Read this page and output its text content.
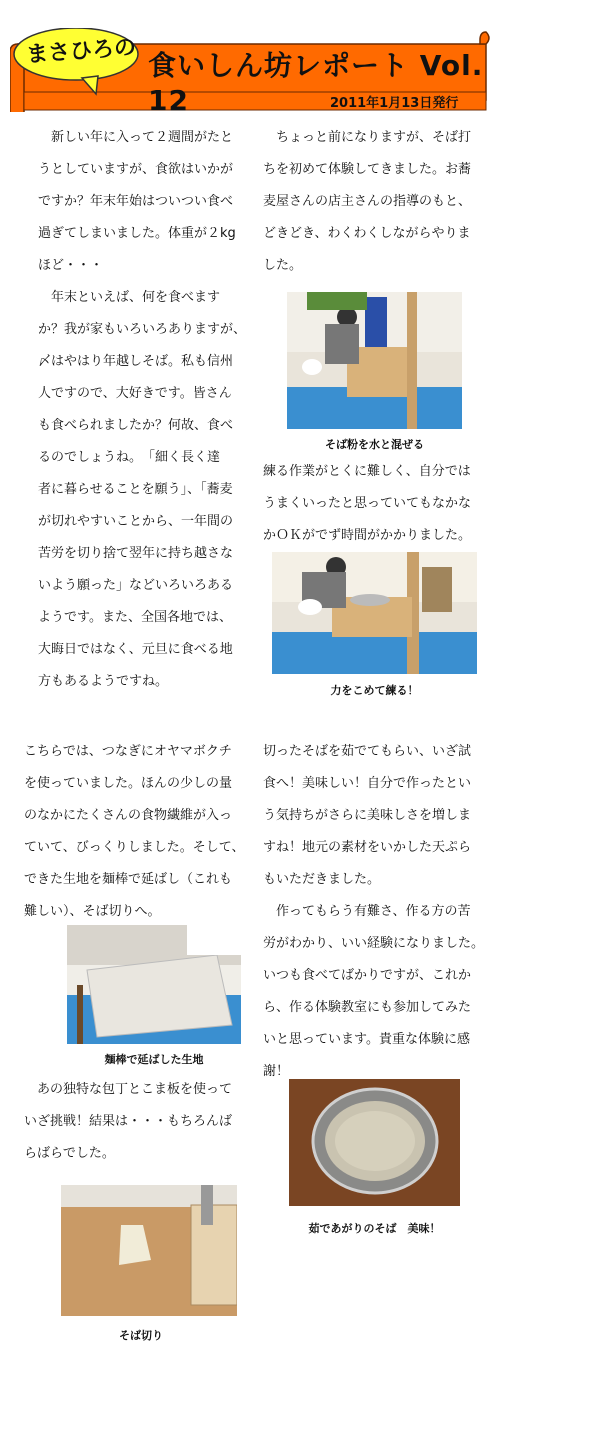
まさひろの 食いしん坊レポート Vol. 12	2011年1月13日発行
　新しい年に入って２週間がたと
うとしていますが、食欲はいかが
ですか？年末年始はついつい食べ
過ぎてしまいました。体重が２kg
ほど・・・
　年末といえば、何を食べます
か？我が家もいろいろありますが、
〆はやはり年越しそば。私も信州
人ですので、大好きです。皆さん
も食べられましたか？何故、食べ
るのでしょうね。　「細く長く達
者に暮らせることを願う」、「蕎麦
が切れやすいことから、一年間の
苦労を切り捨て翌年に持ち越さな
いよう願った」などいろいろある
ようです。また、全国各地では、
大晦日ではなく、元旦に食べる地
方もあるようですね。
　ちょっと前になりますが、そば打
ちを初めて体験してきました。お蕎
麦屋さんの店主さんの指導のもと、
どきどき、わくわくしながらやりま
した。
そば粉を水と混ぜる
練る作業がとくに難しく、自分では
うまくいったと思っていてもなかな
かＯＫがでず時間がかかりました。
力をこめて練る！
こちらでは、つなぎにオヤマボクチ
を使っていました。ほんの少しの量
のなかにたくさんの食物繊維が入っ
ていて、びっくりしました。そして、
できた生地を麺棒で延ばし（これも
難しい）、そば切りへ。
切ったそばを茹でてもらい、いざ試
食へ！美味しい！自分で作ったとい
う気持ちがさらに美味しさを増しま
すね！地元の素材をいかした天ぷら
もいただきました。
　作ってもらう有難さ、作る方の苦
労がわかり、いい経験になりました。
いつも食べてばかりですが、これか
ら、作る体験教室にも参加してみた
いと思っています。貴重な体験に感
謝！
麺棒で延ばした生地
　あの独特な包丁とこま板を使って
いざ挑戦！結果は・・・もちろんば
らばらでした。
茹であがりのそば　美味！
そば切り
